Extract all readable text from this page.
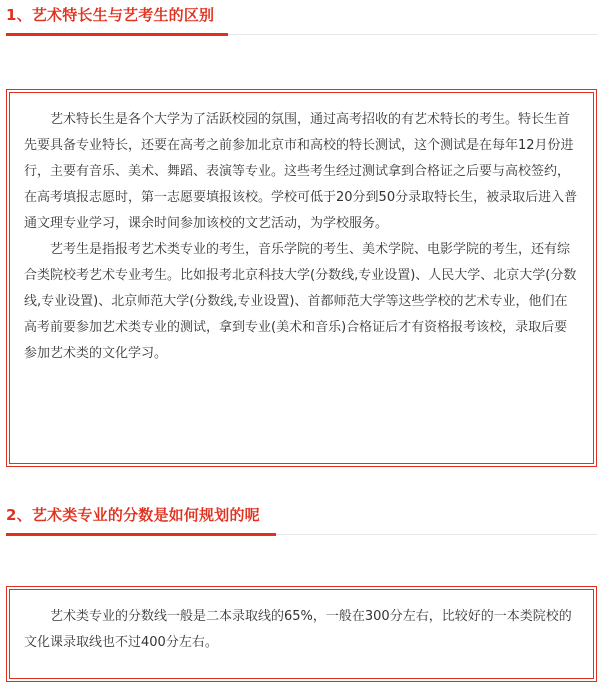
1、艺术特长生与艺考生的区别

艺术特长生是各个大学为了活跃校园的氛围，通过高考招收的有艺术特长的考生。特长生首先要具备专业特长，还要在高考之前参加北京市和高校的特长测试，这个测试是在每年12月份进行，主要有音乐、美术、舞蹈、表演等专业。这些考生经过测试拿到合格证之后要与高校签约，在高考填报志愿时，第一志愿要填报该校。学校可低于20分到50分录取特长生，被录取后进入普通文理专业学习，课余时间参加该校的文艺活动，为学校服务。

艺考生是指报考艺术类专业的考生，音乐学院的考生、美术学院、电影学院的考生，还有综合类院校考艺术专业考生。比如报考北京科技大学(分数线,专业设置)、人民大学、北京大学(分数线,专业设置)、北京师范大学(分数线,专业设置)、首都师范大学等这些学校的艺术专业，他们在高考前要参加艺术类专业的测试，拿到专业(美术和音乐)合格证后才有资格报考该校，录取后要参加艺术类的文化学习。

2、艺术类专业的分数是如何规划的呢

艺术类专业的分数线一般是二本录取线的65%，一般在300分左右，比较好的一本类院校的文化课录取线也不过400分左右。
